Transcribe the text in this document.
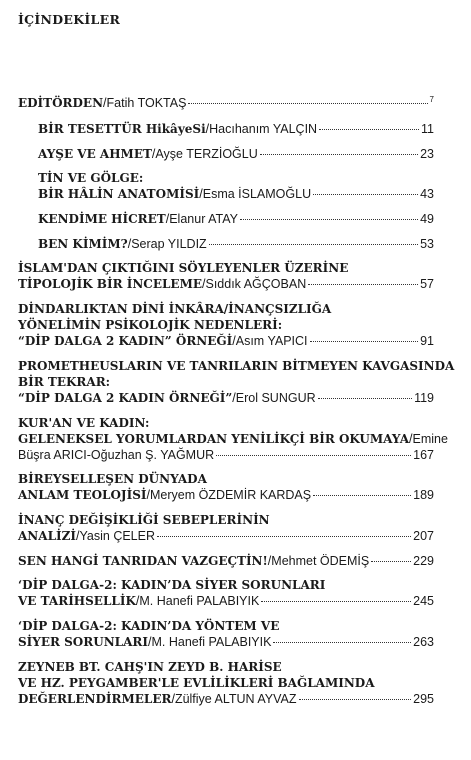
İÇİNDEKİLER
EDİTÖRDEN / Fatih TOKTAŞ	7
BİR TESETTÜR HikâyeSi / Hacıhanım YALÇIN	11
AYŞE VE AHMET / Ayşe TERZİOĞLU	23
TİN VE GÖLGE:
BİR HÂLİN ANATOMİSİ / Esma İSLAMOĞLU	43
KENDİME HİCRET / Elanur ATAY	49
BEN KİMİM? / Serap YILDIZ	53
İSLAM'DAN ÇIKTIĞINI SÖYLEYENLER ÜZERİNE
TİPOLOJİK BİR İNCELEME / Sıddık AĞÇOBAN	57
DİNDARLIKTAN DİNİ İNKÂRA/İNANÇSIZLIĞA
YÖNELİMİN PSİKOLOJİK NEDENLERİ:
“DİP DALGA 2 KADIN” ÖRNEĞİ / Asım YAPICI	91
PROMETHEUSLARIN VE TANRILARIN BİTMEYEN KAVGASINDA
BİR TEKRAR:
“DİP DALGA 2 KADIN ÖRNEĞİ” / Erol SUNGUR	119
KUR'AN VE KADIN:
GELENEKSEL YORUMLARDAN YENİLİKÇİ BİR OKUMAYA/Emine
Büşra ARICI-Oğuzhan Ş. YAĞMUR	167
BİREYSELLEŞEN DÜNYADA
ANLAM TEOLOJİSİ / Meryem ÖZDEMİR KARDAŞ	189
İNANÇ DEĞİŞİKLİĞİ SEBEPLERİNİN
ANALİZİ / Yasin ÇELER	207
SEN HANGİ TANRIDAN VAZGEÇTİN! / Mehmet ÖDEMİŞ	229
‘DİP DALGA-2: KADIN’DA SİYER SORUNLARI
VE TARİHSELLİK / M. Hanefi PALABIYIK	245
‘DİP DALGA-2: KADIN’DA YÖNTEM VE
SİYER SORUNLARI / M. Hanefi PALABIYIK	263
ZEYNEB BT. CAHŞ'IN ZEYD B. HARİSE
VE HZ. PEYGAMBER'LE EVLİLİKLERİ BAĞLAMINDA
DEĞERLENDİRMELER / Zülfiye ALTUN AYVAZ	295
